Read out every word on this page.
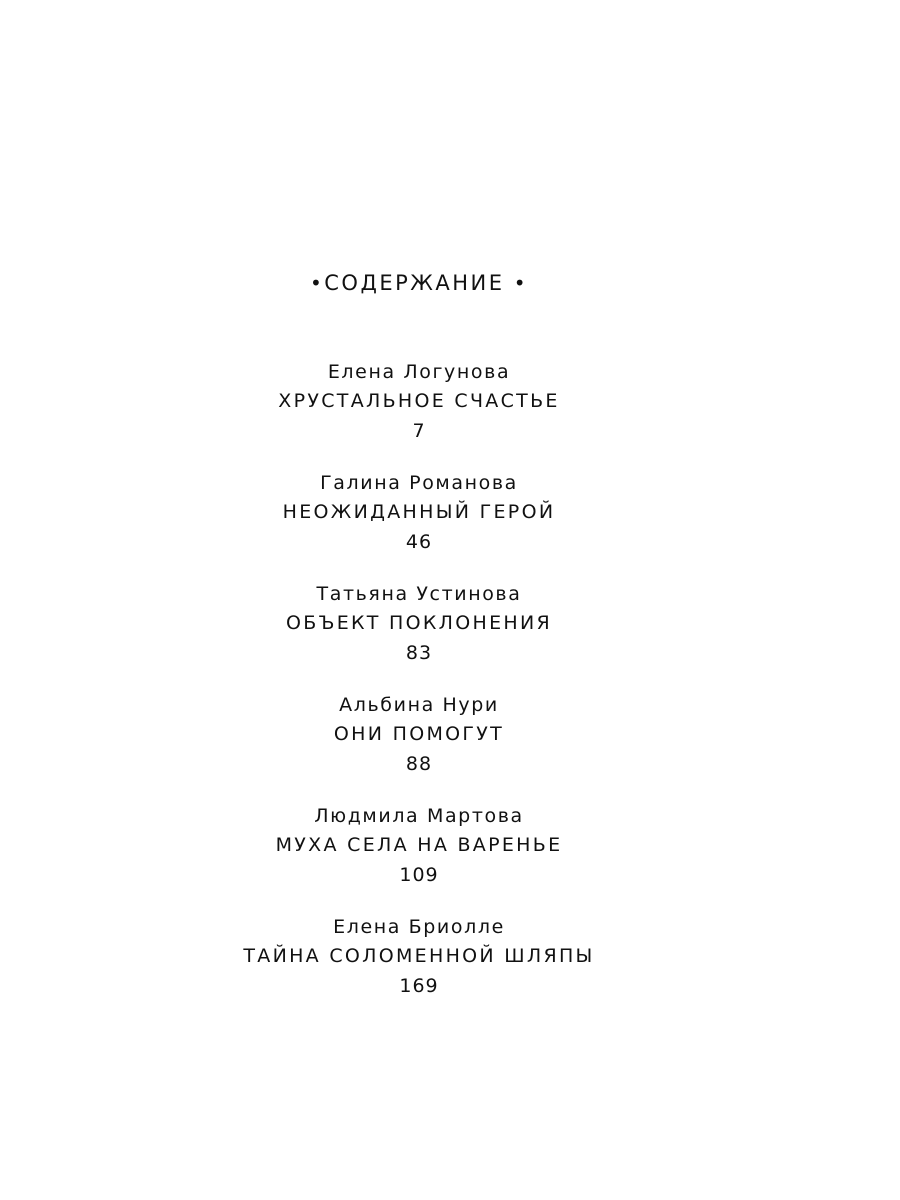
•СОДЕРЖАНИЕ •
Елена Логунова
ХРУСТАЛЬНОЕ СЧАСТЬЕ
7
Галина Романова
НЕОЖИДАННЫЙ ГЕРОЙ
46
Татьяна Устинова
ОБЪЕКТ ПОКЛОНЕНИЯ
83
Альбина Нури
ОНИ ПОМОГУТ
88
Людмила Мартова
МУХА СЕЛА НА ВАРЕНЬЕ
109
Елена Бриолле
ТАЙНА СОЛОМЕННОЙ ШЛЯПЫ
169
